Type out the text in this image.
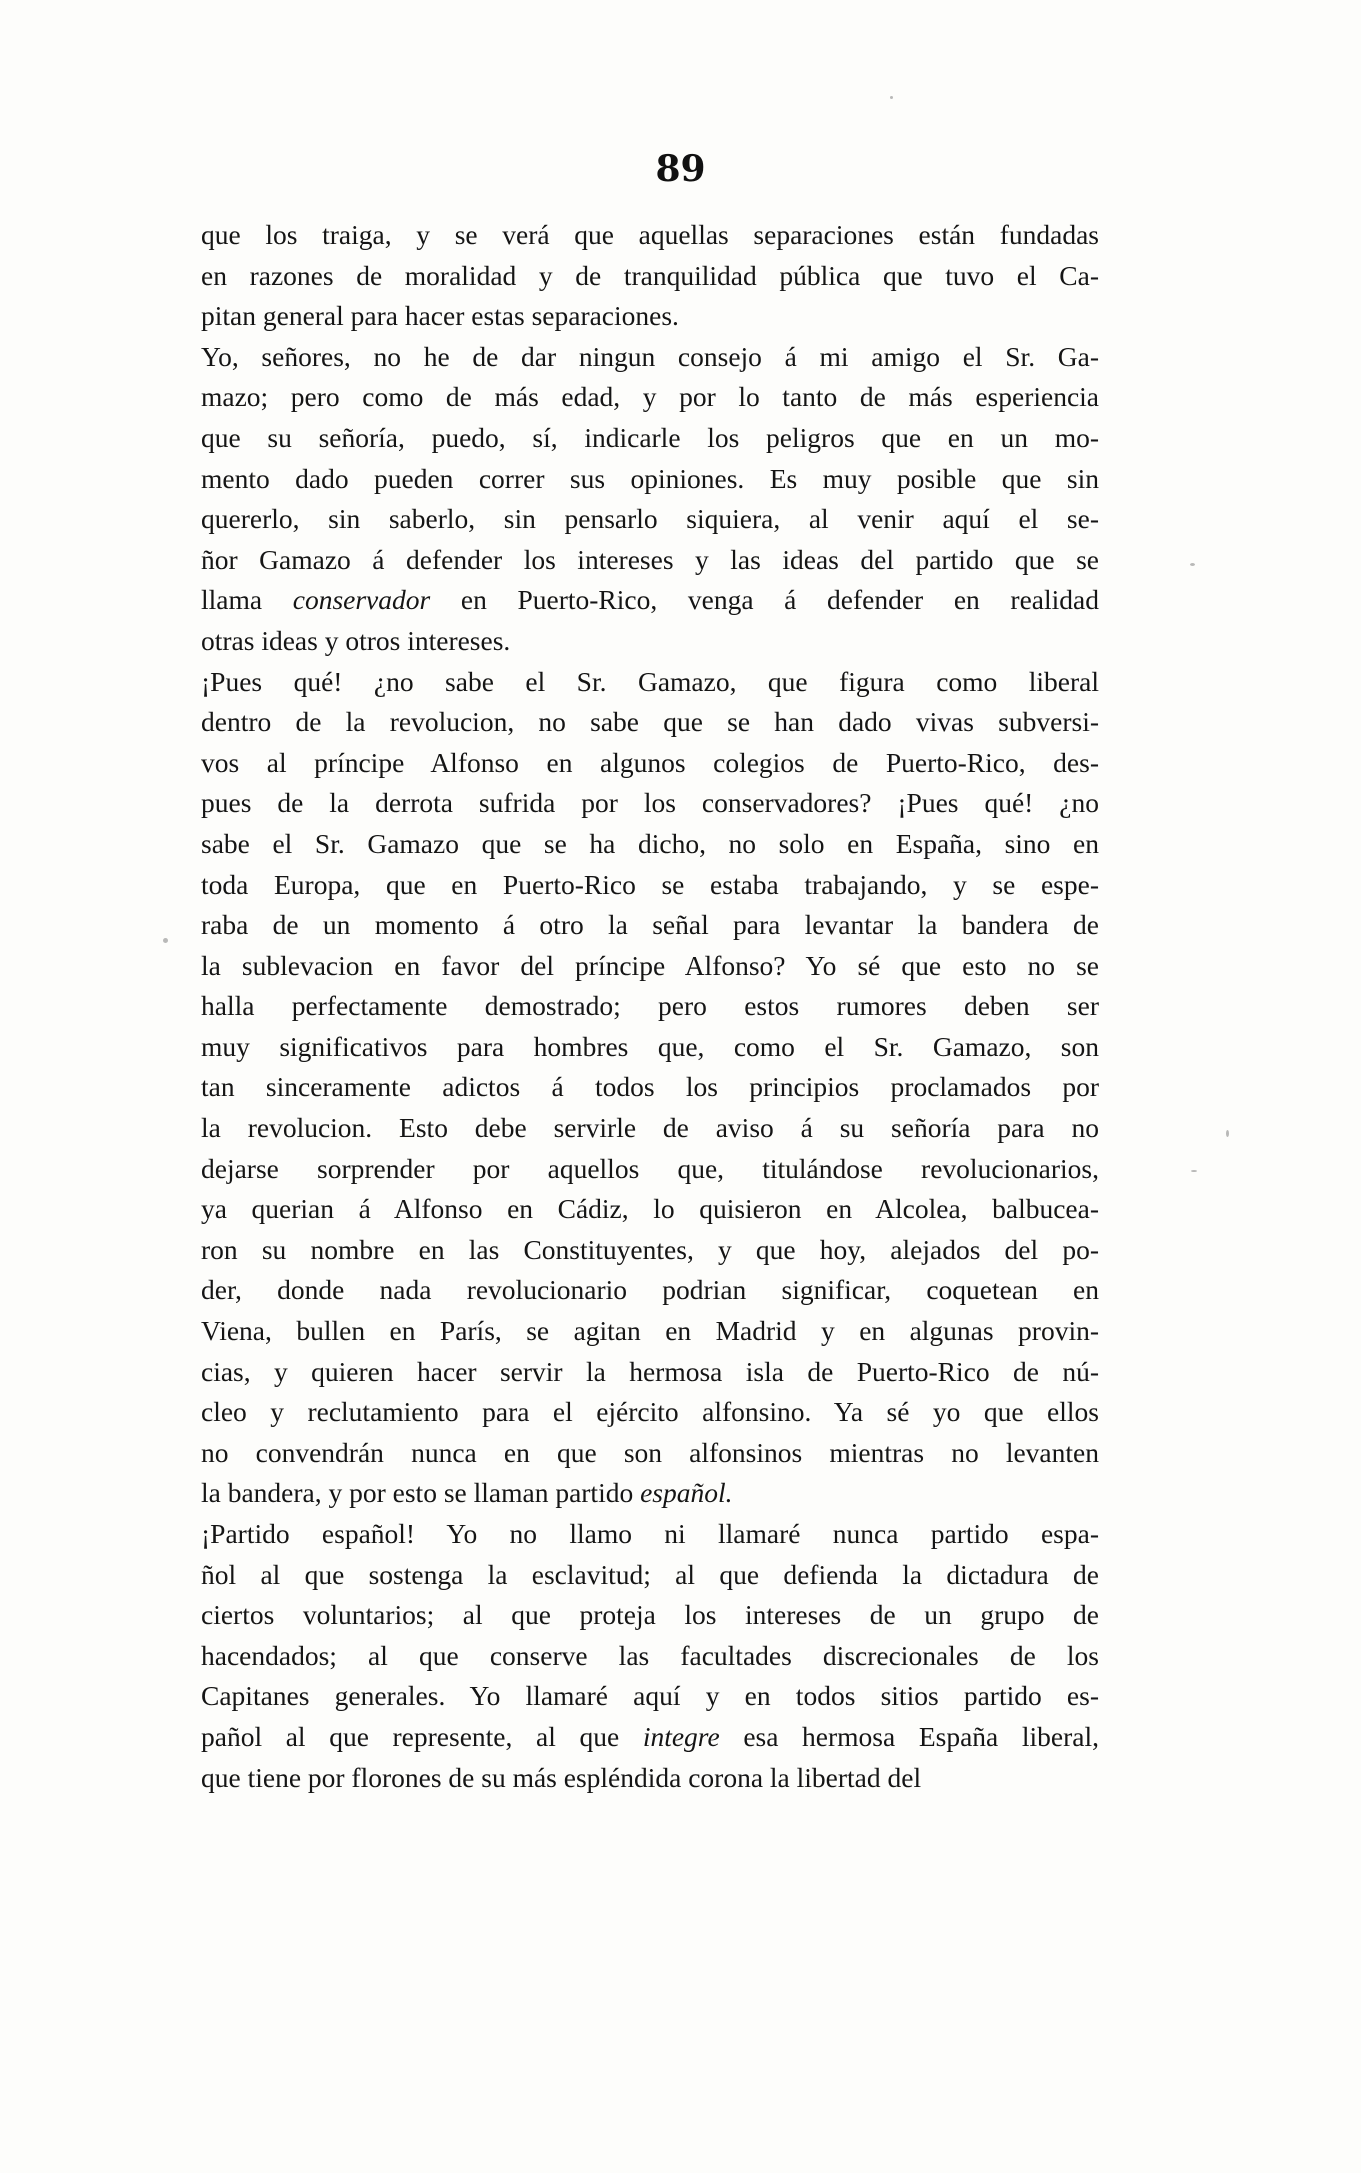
89
que los traiga, y se verá que aquellas separaciones están fundadas
en razones de moralidad y de tranquilidad pública que tuvo el Ca-
pitan general para hacer estas separaciones.
Yo, señores, no he de dar ningun consejo á mi amigo el Sr. Ga-
mazo; pero como de más edad, y por lo tanto de más esperiencia
que su señoría, puedo, sí, indicarle los peligros que en un mo-
mento dado pueden correr sus opiniones. Es muy posible que sin
quererlo, sin saberlo, sin pensarlo siquiera, al venir aquí el se-
ñor Gamazo á defender los intereses y las ideas del partido que se
llama conservador en Puerto-Rico, venga á defender en realidad
otras ideas y otros intereses.
¡Pues qué! ¿no sabe el Sr. Gamazo, que figura como liberal
dentro de la revolucion, no sabe que se han dado vivas subversi-
vos al príncipe Alfonso en algunos colegios de Puerto-Rico, des-
pues de la derrota sufrida por los conservadores? ¡Pues qué! ¿no
sabe el Sr. Gamazo que se ha dicho, no solo en España, sino en
toda Europa, que en Puerto-Rico se estaba trabajando, y se espe-
raba de un momento á otro la señal para levantar la bandera de
la sublevacion en favor del príncipe Alfonso? Yo sé que esto no se
halla perfectamente demostrado; pero estos rumores deben ser
muy significativos para hombres que, como el Sr. Gamazo, son
tan sinceramente adictos á todos los principios proclamados por
la revolucion. Esto debe servirle de aviso á su señoría para no
dejarse sorprender por aquellos que, titulándose revolucionarios,
ya querian á Alfonso en Cádiz, lo quisieron en Alcolea, balbucea-
ron su nombre en las Constituyentes, y que hoy, alejados del po-
der, donde nada revolucionario podrian significar, coquetean en
Viena, bullen en París, se agitan en Madrid y en algunas provin-
cias, y quieren hacer servir la hermosa isla de Puerto-Rico de nú-
cleo y reclutamiento para el ejército alfonsino. Ya sé yo que ellos
no convendrán nunca en que son alfonsinos mientras no levanten
la bandera, y por esto se llaman partido español.
¡Partido español! Yo no llamo ni llamaré nunca partido espa-
ñol al que sostenga la esclavitud; al que defienda la dictadura de
ciertos voluntarios; al que proteja los intereses de un grupo de
hacendados; al que conserve las facultades discrecionales de los
Capitanes generales. Yo llamaré aquí y en todos sitios partido es-
pañol al que represente, al que integre esa hermosa España liberal,
que tiene por florones de su más espléndida corona la libertad del
